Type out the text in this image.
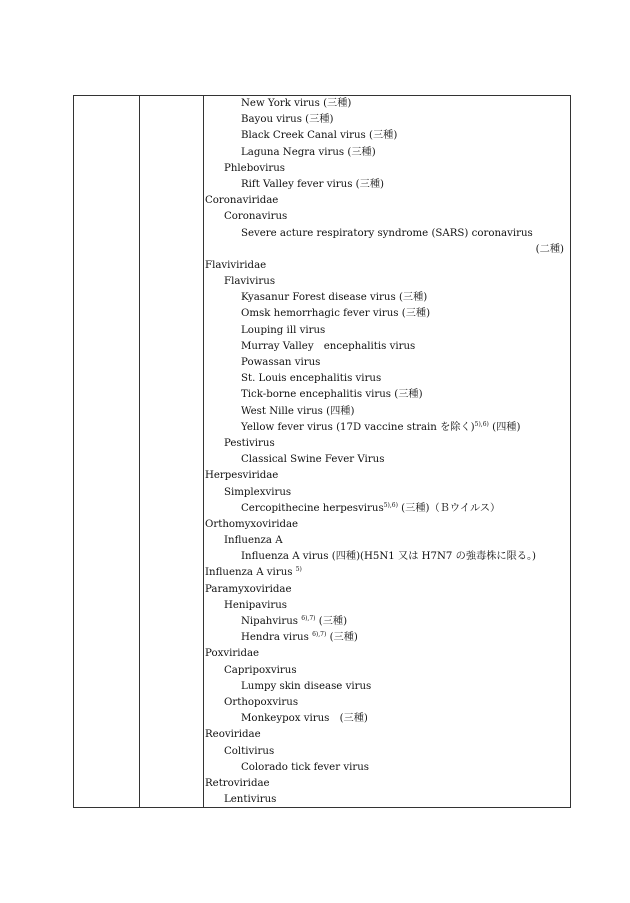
New York virus (三種)
Bayou virus (三種)
Black Creek Canal virus (三種)
Laguna Negra virus (三種)
Phlebovirus
Rift Valley fever virus (三種)
Coronaviridae
Coronavirus
Severe acture respiratory syndrome (SARS) coronavirus
(二種)
Flaviviridae
Flavivirus
Kyasanur Forest disease virus (三種)
Omsk hemorrhagic fever virus (三種)
Louping ill virus
Murray Valley　encephalitis virus
Powassan virus
St. Louis encephalitis virus
Tick-borne encephalitis virus (三種)
West Nille virus (四種)
Yellow fever virus (17D vaccine strain を除く)$^{5),6)}$ (四種)
Pestivirus
Classical Swine Fever Virus
Herpesviridae
Simplexvirus
Cercopithecine herpesvirus$^{5),6)}$ (三種)（Ｂウイルス）
Orthomyxoviridae
Influenza A
Influenza A virus (四種)(H5N1 又は H7N7 の強毒株に限る。)
Influenza A virus $^{5)}$
Paramyxoviridae
Henipavirus
Nipahvirus $^{6),7)}$ (三種)
Hendra virus $^{6),7)}$ (三種)
Poxviridae
Capripoxvirus
Lumpy skin disease virus
Orthopoxvirus
Monkeypox virus　(三種)
Reoviridae
Coltivirus
Colorado tick fever virus
Retroviridae
Lentivirus
